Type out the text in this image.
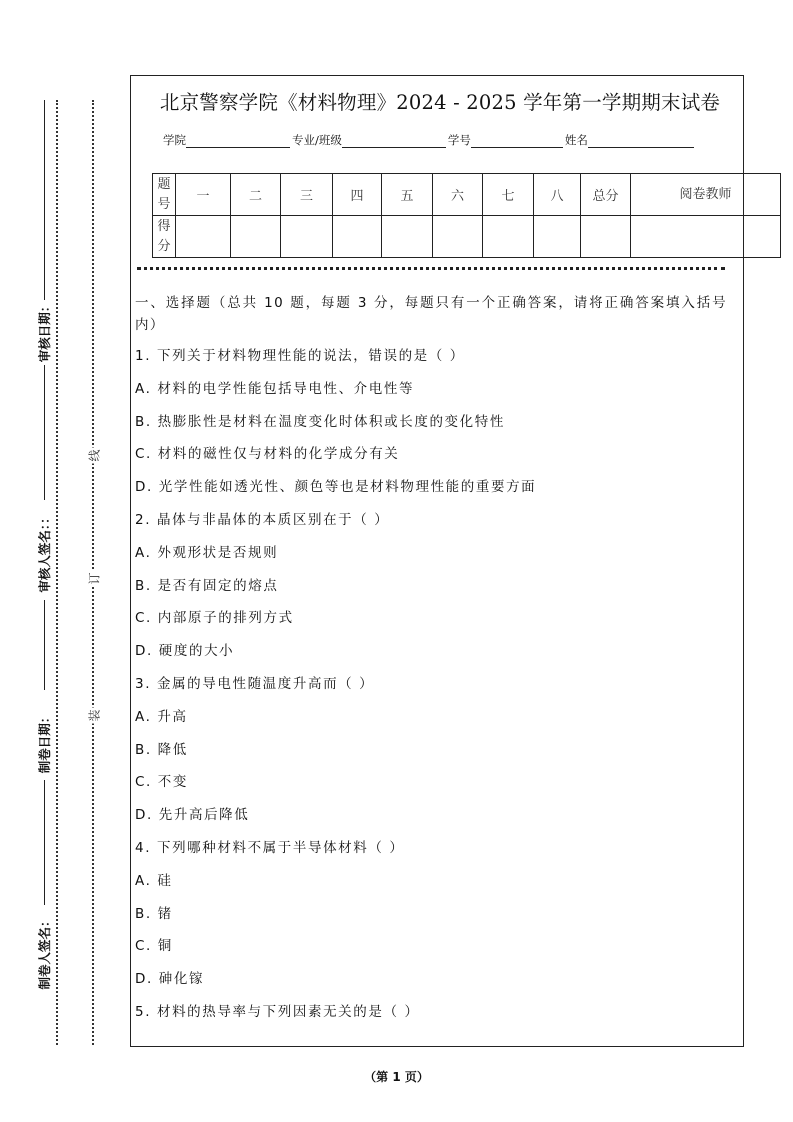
北京警察学院《材料物理》2024 - 2025 学年第一学期期末试卷
学院	专业/班级	学号	姓名
题号	一	二	三	四	五	六	七	八	总分	阅卷教师
得分										

一、选择题（总共 10 题，每题 3 分，每题只有一个正确答案，请将正确答案填入括号内）

1. 下列关于材料物理性能的说法，错误的是（ ）
A. 材料的电学性能包括导电性、介电性等
B. 热膨胀性是材料在温度变化时体积或长度的变化特性
C. 材料的磁性仅与材料的化学成分有关
D. 光学性能如透光性、颜色等也是材料物理性能的重要方面
2. 晶体与非晶体的本质区别在于（ ）
A. 外观形状是否规则
B. 是否有固定的熔点
C. 内部原子的排列方式
D. 硬度的大小
3. 金属的导电性随温度升高而（ ）
A. 升高
B. 降低
C. 不变
D. 先升高后降低
4. 下列哪种材料不属于半导体材料（ ）
A. 硅
B. 锗
C. 铜
D. 砷化镓
5. 材料的热导率与下列因素无关的是（ ）
审核日期：
审核人签名：：
制卷日期：
制卷人签名：
线
订
装
（第 1 页）
